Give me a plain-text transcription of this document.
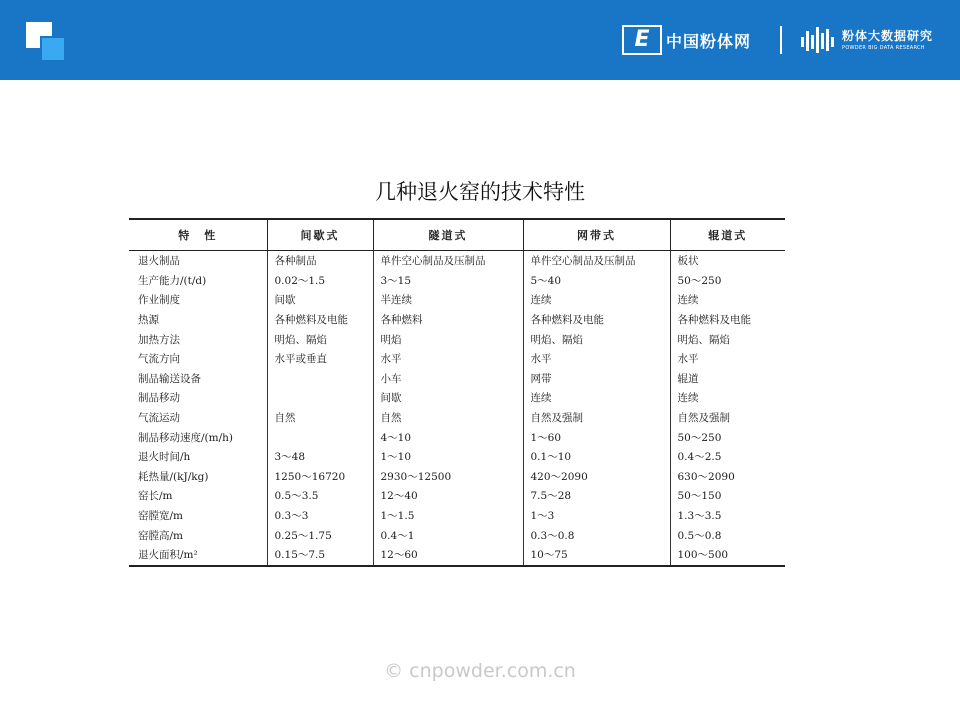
E	中国粉体网	粉体大数据研究
POWDER BIG DATA RESEARCH
几种退火窑的技术特性
特　性	间歇式	隧道式	网带式	辊道式
退火制品	各种制品	单件空心制品及压制品	单件空心制品及压制品	板状
生产能力/(t/d)	0.02～1.5	3～15	5～40	50～250
作业制度	间歇	半连续	连续	连续
热源	各种燃料及电能	各种燃料	各种燃料及电能	各种燃料及电能
加热方法	明焰、隔焰	明焰	明焰、隔焰	明焰、隔焰
气流方向	水平或垂直	水平	水平	水平
制品输送设备		小车	网带	辊道
制品移动		间歇	连续	连续
气流运动	自然	自然	自然及强制	自然及强制
制品移动速度/(m/h)		4～10	1～60	50～250
退火时间/h	3～48	1～10	0.1～10	0.4～2.5
耗热量/(kJ/kg)	1250～16720	2930～12500	420～2090	630～2090
窑长/m	0.5～3.5	12～40	7.5～28	50～150
窑膛宽/m	0.3～3	1～1.5	1～3	1.3～3.5
窑膛高/m	0.25～1.75	0.4～1	0.3～0.8	0.5～0.8
退火面积/m²	0.15～7.5	12～60	10～75	100～500
© cnpowder.com.cn
